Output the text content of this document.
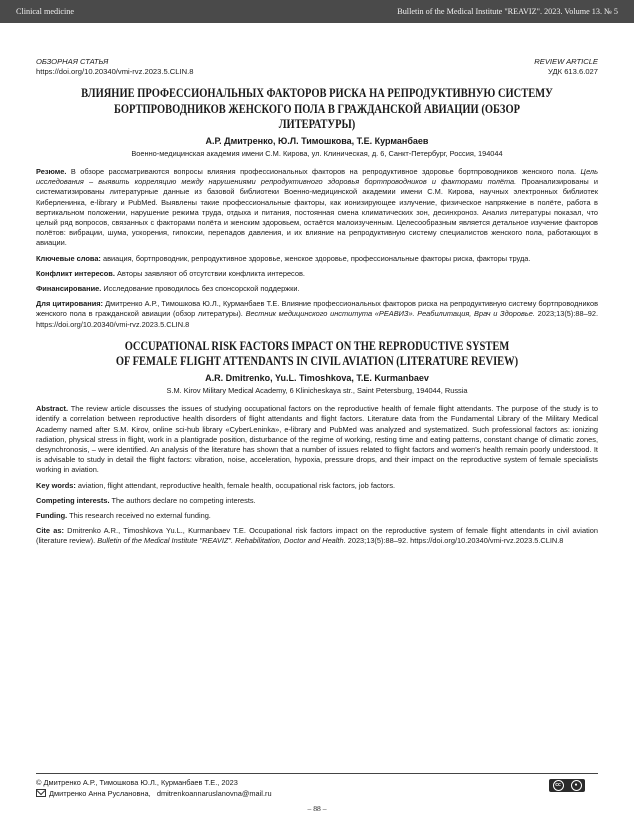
Clinical medicine	Bulletin of the Medical Institute "REAVIZ". 2023. Volume 13. № 5
ОБЗОРНАЯ СТАТЬЯ	REVIEW ARTICLE
https://doi.org/10.20340/vmi-rvz.2023.5.CLIN.8	УДК 613.6.027
ВЛИЯНИЕ ПРОФЕССИОНАЛЬНЫХ ФАКТОРОВ РИСКА НА РЕПРОДУКТИВНУЮ СИСТЕМУ
БОРТПРОВОДНИКОВ ЖЕНСКОГО ПОЛА В ГРАЖДАНСКОЙ АВИАЦИИ (ОБЗОР ЛИТЕРАТУРЫ)
А.Р. Дмитренко, Ю.Л. Тимошкова, Т.Е. Курманбаев
Военно-медицинская академия имени С.М. Кирова, ул. Клиническая, д. 6, Санкт-Петербург, Россия, 194044
Резюме. В обзоре рассматриваются вопросы влияния профессиональных факторов на репродуктивное здоровье бортпроводников женского пола. Цель исследования – выявить корреляцию между нарушениями репродуктивного здоровья бортпроводников и факторами полёта. Проанализированы и систематизированы литературные данные из базовой библиотеки Военно-медицинской академии имени С.М. Кирова, научных электронных библиотек Киберленинка, e-library и PubMed. Выявлены такие профессиональные факторы, как ионизирующее излучение, физическое напряжение в полёте, работа в вертикальном положении, нарушение режима труда, отдыха и питания, постоянная смена климатических зон, десинхроноз. Анализ литературы показал, что целый ряд вопросов, связанных с факторами полёта и женским здоровьем, остаётся малоизученным. Целесообразным является детальное изучение факторов полётов: вибрации, шума, ускорения, гипоксии, перепадов давления, и их влияние на репродуктивную систему специалистов женского пола, работающих в авиации.
Ключевые слова: авиация, бортпроводник, репродуктивное здоровье, женское здоровье, профессиональные факторы риска, факторы труда.
Конфликт интересов. Авторы заявляют об отсутствии конфликта интересов.
Финансирование. Исследование проводилось без спонсорской поддержки.
Для цитирования: Дмитренко А.Р., Тимошкова Ю.Л., Курманбаев Т.Е. Влияние профессиональных факторов риска на репродуктивную систему бортпроводников женского пола в гражданской авиации (обзор литературы). Вестник медицинского института «РЕАВИЗ». Реабилитация, Врач и Здоровье. 2023;13(5):88–92. https://doi.org/10.20340/vmi-rvz.2023.5.CLIN.8
OCCUPATIONAL RISK FACTORS IMPACT ON THE REPRODUCTIVE SYSTEM
OF FEMALE FLIGHT ATTENDANTS IN CIVIL AVIATION (LITERATURE REVIEW)
A.R. Dmitrenko, Yu.L. Timoshkova, T.E. Kurmanbaev
S.M. Kirov Military Medical Academy, 6 Klinicheskaya str., Saint Petersburg, 194044, Russia
Abstract. The review article discusses the issues of studying occupational factors on the reproductive health of female flight attendants. The purpose of the study is to identify a correlation between reproductive health disorders of flight attendants and flight factors. Literature data from the Fundamental Library of the Military Medical Academy named after S.M. Kirov, online sci-hub library «CyberLeninka», e-library and PubMed was analyzed and systematized. Such professional factors as: ionizing radiation, physical stress in flight, work in a plantigrade position, disturbance of the regime of working, resting time and eating patterns, constant change of climatic zones, desynchronosis, – were identified. An analysis of the literature has shown that a number of issues related to flight factors and women's health remain poorly understood. It is advisable to study in detail the flight factors: vibration, noise, acceleration, hypoxia, pressure drops, and their impact on the reproductive system of female specialists working in aviation.
Key words: aviation, flight attendant, reproductive health, female health, occupational risk factors, job factors.
Competing interests. The authors declare no competing interests.
Funding. This research received no external funding.
Cite as: Dmitrenko A.R., Timoshkova Yu.L., Kurmanbaev T.E. Occupational risk factors impact on the reproductive system of female flight attendants in civil aviation (literature review). Bulletin of the Medical Institute "REAVIZ". Rehabilitation, Doctor and Health. 2023;13(5):88–92. https://doi.org/10.20340/vmi-rvz.2023.5.CLIN.8
© Дмитренко А.Р., Тимошкова Ю.Л., Курманбаев Т.Е., 2023
Дмитренко Анна Руслановна, dmitrenkoannaruslanovna@mail.ru
cc	●
– 88 –
